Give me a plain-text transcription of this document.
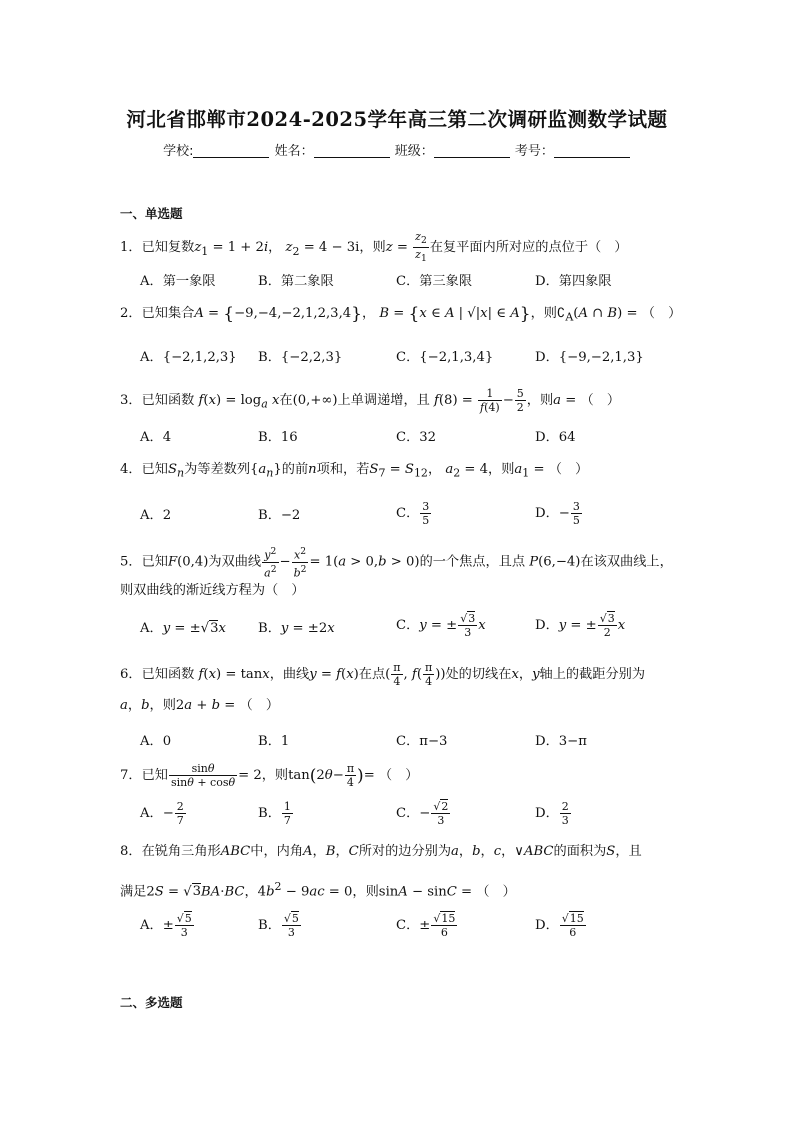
河北省邯郸市2024-2025学年高三第二次调研监测数学试题
学校:	姓名：	班级：	考号：
一、单选题
1．已知复数$z_1 = 1 + 2i$， $z_2 = 4 - 3i$，则$z = \frac{z_2}{z_1}$ 在复平面内所对应的点位于（　）
A．第一象限	B．第二象限	C．第三象限	D．第四象限
2．已知集合A = {−9,−4,−2,1,2,3,4}， B = {x ∈ A | √|x| ∈ A}，则$∁_A(A$ ∩ B) = （　）
A．{−2,1,2,3} B．{−2,2,3}	C．{−2,1,3,4}	D．{−9,−2,1,3}
3．已知函数 $f(x) = \log_a x$在(0,+∞)上单调递增，且 $f(8) = \frac{1}{f(4)} - \frac{5}{2}$ ，则a = （　）
A．4	B．16	C．32	D．64
4．已知$S_n$为等差数列$\{a_n\}$的前n项和，若$S_7 = S_{12}$， $a_2 = 4$，则$a_1$ = （　）
A．2	B．−2	C． $\frac{3}{5}$	D．− $\frac{3}{5}$
5．已知F(0,4)为双曲线 $\frac{y^2}{a^2} - \frac{x^2}{b^2} = 1(a > 0,b > 0)$的一个焦点，且点 P(6,−4)在该双曲线上，
则双曲线的渐近线方程为（　）
A．y = ±√3x B．y = ±2x	C．y = ± $\frac{√3}{3}$ x	D．y = ± $\frac{√3}{2}$ x
6．已知函数 f(x) = tanx，曲线y = f(x)在点( $\frac{\pi}{4}$ , $f( \frac{\pi}{4}$ ))处的切线在x，y轴上的截距分别为
a，b，则2a + b = （　）
A．0	B．1	C．π−3	D．3−π
7．已知 $\frac{\sin\theta}{\sin\theta + \cos\theta} = 2$，则$\tan(2\theta- \frac{\pi}{4}$ )= （　）
A．− $\frac{2}{7}$	B． $\frac{1}{7}$	C．− $\frac{√2}{3}$	D． $\frac{2}{3}$
8．在锐角三角形ABC中，内角A，B，C所对的边分别为a，b，c，∨ABC的面积为S，且
满足2S = √3BA·BC，$4b^2 - 9ac = 0$，则sinA − sinC = （　）
A．± $\frac{√5}{3}$	B． $\frac{√5}{3}$	C．± $\frac{√15}{6}$	D． $\frac{√15}{6}$
二、多选题
